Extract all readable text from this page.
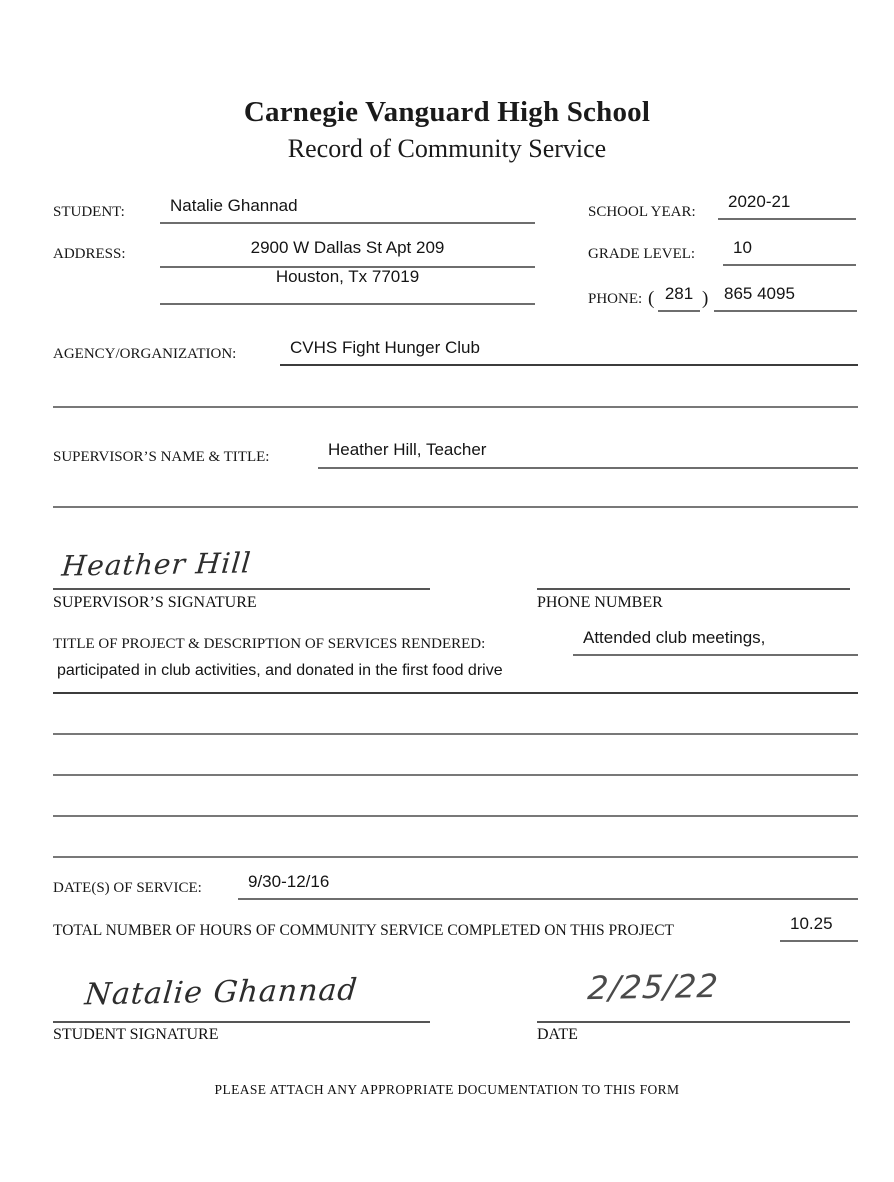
Carnegie Vanguard High School
Record of Community Service
STUDENT:	Natalie Ghannad	SCHOOL YEAR:
2020-21
ADDRESS:	2900 W Dallas St Apt 209
Houston, Tx 77019
GRADE LEVEL:	10
PHONE: ( 281 ) 865 4095
AGENCY/ORGANIZATION:	CVHS Fight Hunger Club
SUPERVISOR’S NAME & TITLE:	Heather Hill, Teacher
Heather Hill
SUPERVISOR’S SIGNATURE	PHONE NUMBER
TITLE OF PROJECT & DESCRIPTION OF SERVICES RENDERED:	Attended club meetings,
participated in club activities, and donated in the first food drive
DATE(S) OF SERVICE:	9/30-12/16
TOTAL NUMBER OF HOURS OF COMMUNITY SERVICE COMPLETED ON THIS PROJECT	10.25
Natalie Ghannad
STUDENT SIGNATURE
2/25/22
DATE
PLEASE ATTACH ANY APPROPRIATE DOCUMENTATION TO THIS FORM
